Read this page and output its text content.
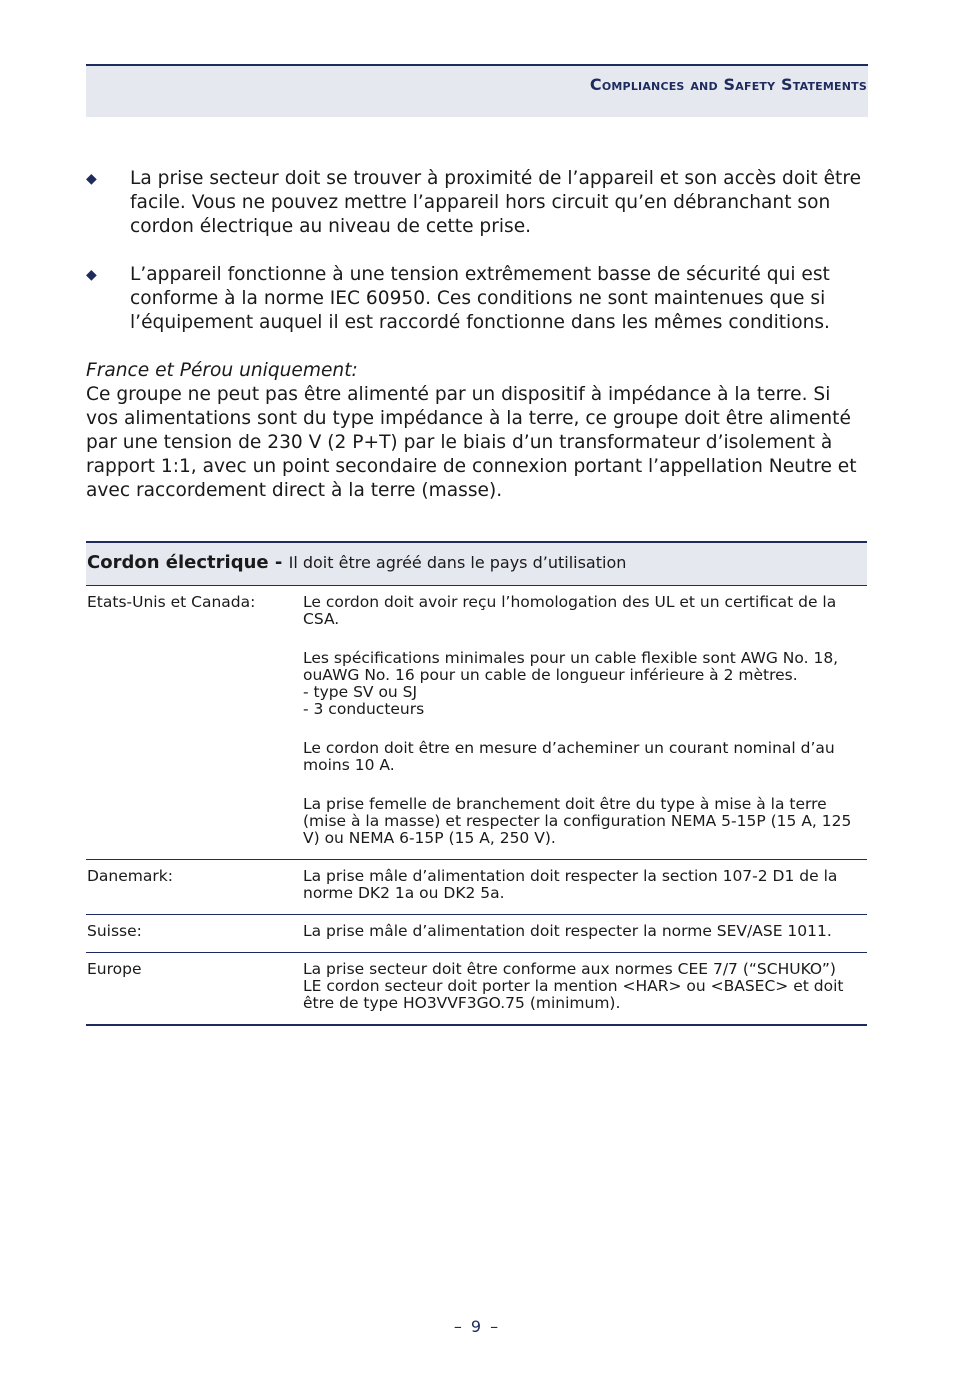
Compliances and Safety Statements
◆ La prise secteur doit se trouver à proximité de l’appareil et son accès doit être facile. Vous ne pouvez mettre l’appareil hors circuit qu’en débranchant son cordon électrique au niveau de cette prise.
◆ L’appareil fonctionne à une tension extrêmement basse de sécurité qui est conforme à la norme IEC 60950. Ces conditions ne sont maintenues que si l’équipement auquel il est raccordé fonctionne dans les mêmes conditions.
France et Pérou uniquement:
Ce groupe ne peut pas être alimenté par un dispositif à impédance à la terre. Si vos alimentations sont du type impédance à la terre, ce groupe doit être alimenté par une tension de 230 V (2 P+T) par le biais d’un transformateur d’isolement à rapport 1:1, avec un point secondaire de connexion portant l’appellation Neutre et avec raccordement direct à la terre (masse).
Cordon électrique - Il doit être agréé dans le pays d’utilisation
Etats-Unis et Canada:	Le cordon doit avoir reçu l’homologation des UL et un certificat de la CSA.
Les spécifications minimales pour un cable flexible sont AWG No. 18, ouAWG No. 16 pour un cable de longueur inférieure à 2 mètres.
- type SV ou SJ
- 3 conducteurs
Le cordon doit être en mesure d’acheminer un courant nominal d’au moins 10 A.
La prise femelle de branchement doit être du type à mise à la terre (mise à la masse) et respecter la configuration NEMA 5-15P (15 A, 125 V) ou NEMA 6-15P (15 A, 250 V).
Danemark:	La prise mâle d’alimentation doit respecter la section 107-2 D1 de la norme DK2 1a ou DK2 5a.
Suisse:	La prise mâle d’alimentation doit respecter la norme SEV/ASE 1011.
Europe	La prise secteur doit être conforme aux normes CEE 7/7 (“SCHUKO”)
LE cordon secteur doit porter la mention <HAR> ou <BASEC> et doit être de type HO3VVF3GO.75 (minimum).
– 9 –
